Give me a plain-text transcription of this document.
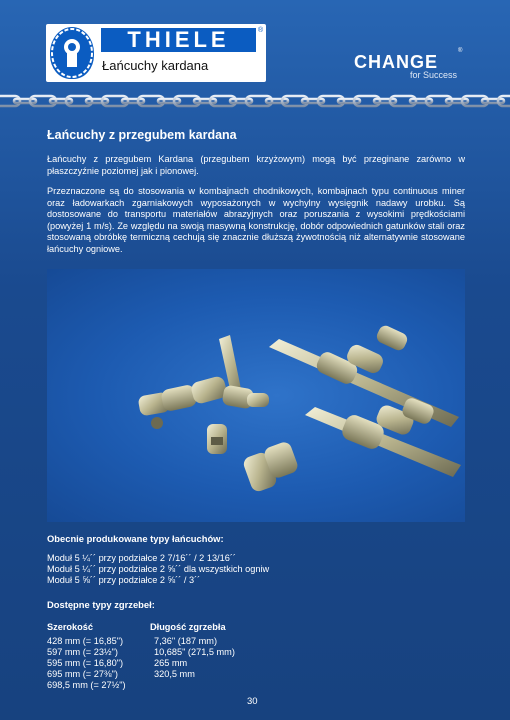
THIELE	®
Łańcuchy kardana	CHANGE
®
for Success
Łańcuchy z przegubem kardana

Łańcuchy z przegubem Kardana (przegubem krzyżowym) mogą być przeginane zarówno w płaszczyźnie poziomej jak i pionowej.

Przeznaczone są do stosowania w kombajnach chodnikowych, kombajnach typu continuous miner oraz ładowarkach zgarniakowych wyposażonych w wychylny wysięgnik nadawy urobku. Są dostosowane do transportu materiałów abrazyjnych oraz poruszania z wysokimi prędkościami (powyżej 1 m/s). Ze względu na swoją masywną konstrukcję, dobór odpowiednich gatunków stali oraz stosowaną obróbkę termiczną cechują się znacznie dłuższą żywotnością niż alternatywnie stosowane łańcuchy ogniowe.

Obecnie produkowane typy łańcuchów:
Moduł 5 ¼´´ przy podziałce 2 7/16´´ / 2 13/16´´
Moduł 5 ¼´´ przy podziałce 2 ⅝´´ dla wszystkich ogniw
Moduł 5 ⅝´´ przy podziałce 2 ⅝´´ / 3´´
Dostępne typy zgrzebeł:
Szerokość	Długość zgrzebła
428 mm (= 16,85")	7,36" (187 mm)
597 mm (= 23½")	10,685" (271,5 mm)
595 mm (= 16,80")	265 mm
695 mm (= 27⅜")	320,5 mm
698,5 mm (= 27½")
30
